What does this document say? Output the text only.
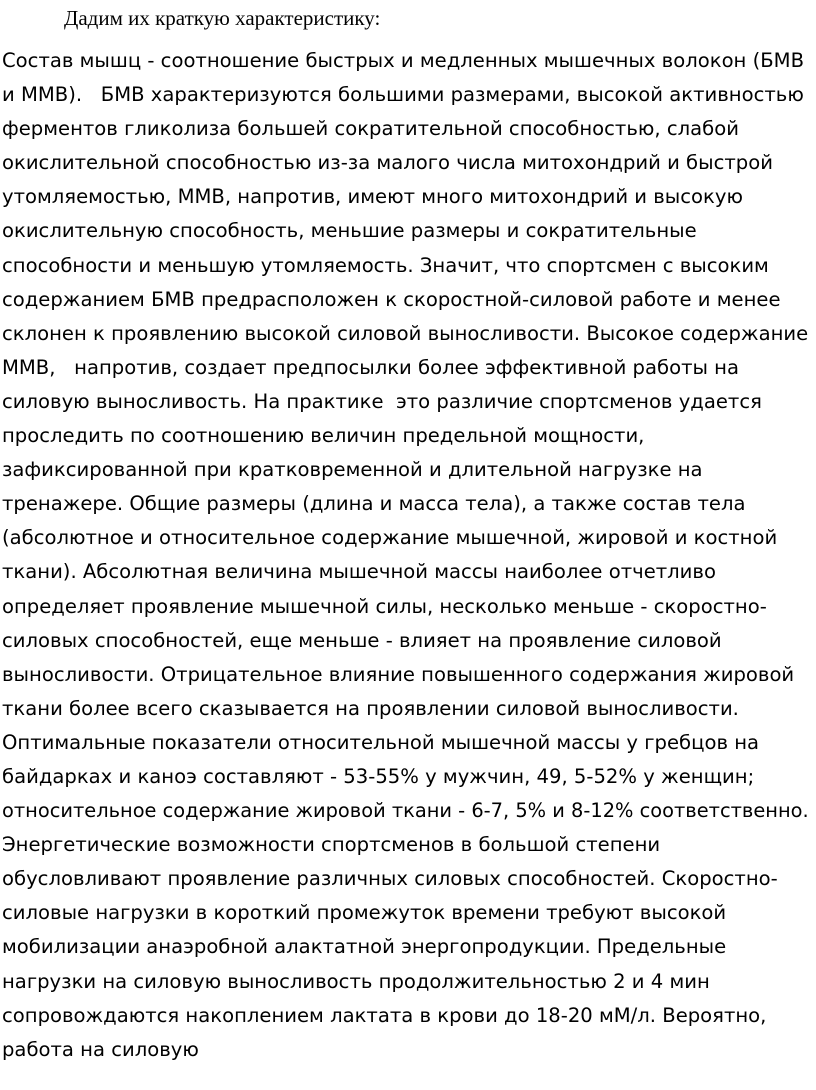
Дадим их краткую характеристику:
Состав мышц - соотношение быстрых и медленных мышечных волокон (БМВ
и ММВ).   БМВ характеризуются большими размерами, высокой активностью
ферментов гликолиза большей сократительной способностью, слабой
окислительной способностью из-за малого числа митохондрий и быстрой
утомляемостью, ММВ, напротив, имеют много митохондрий и высокую
окислительную способность, меньшие размеры и сократительные
способности и меньшую утомляемость. Значит, что спортсмен с высоким
содержанием БМВ предрасположен к скоростной-силовой работе и менее
склонен к проявлению высокой силовой выносливости. Высокое содержание
ММВ,   напротив, создает предпосылки более эффективной работы на
силовую выносливость. На практике  это различие спортсменов удается
проследить по соотношению величин предельной мощности,
зафиксированной при кратковременной и длительной нагрузке на
тренажере. Общие размеры (длина и масса тела), а также состав тела
(абсолютное и относительное содержание мышечной, жировой и костной
ткани). Абсолютная величина мышечной массы наиболее отчетливо
определяет проявление мышечной силы, несколько меньше - скоростно-
силовых способностей, еще меньше - влияет на проявление силовой
выносливости. Отрицательное влияние повышенного содержания жировой
ткани более всего сказывается на проявлении силовой выносливости.
Оптимальные показатели относительной мышечной массы у гребцов на
байдарках и каноэ составляют - 53-55% у мужчин, 49, 5-52% у женщин;
относительное содержание жировой ткани - 6-7, 5% и 8-12% соответственно.
Энергетические возможности спортсменов в большой степени
обусловливают проявление различных силовых способностей. Скоростно-
силовые нагрузки в короткий промежуток времени требуют высокой
мобилизации анаэробной алактатной энергопродукции. Предельные
нагрузки на силовую выносливость продолжительностью 2 и 4 мин
сопровождаются накоплением лактата в крови до 18-20 мМ/л. Вероятно,
работа на силовую
